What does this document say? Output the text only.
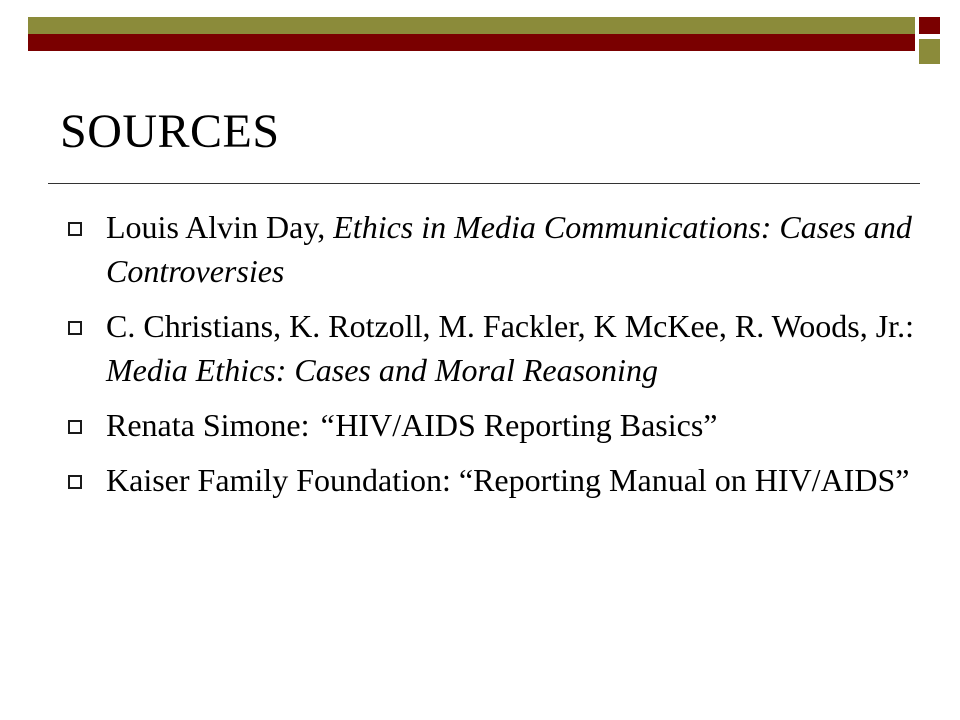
SOURCES
Louis Alvin Day, Ethics in Media Communications: Cases and Controversies
C. Christians, K. Rotzoll, M. Fackler, K McKee, R. Woods, Jr.: Media Ethics: Cases and Moral Reasoning
Renata Simone: “HIV/AIDS Reporting Basics”
Kaiser Family Foundation: “Reporting Manual on HIV/AIDS”
